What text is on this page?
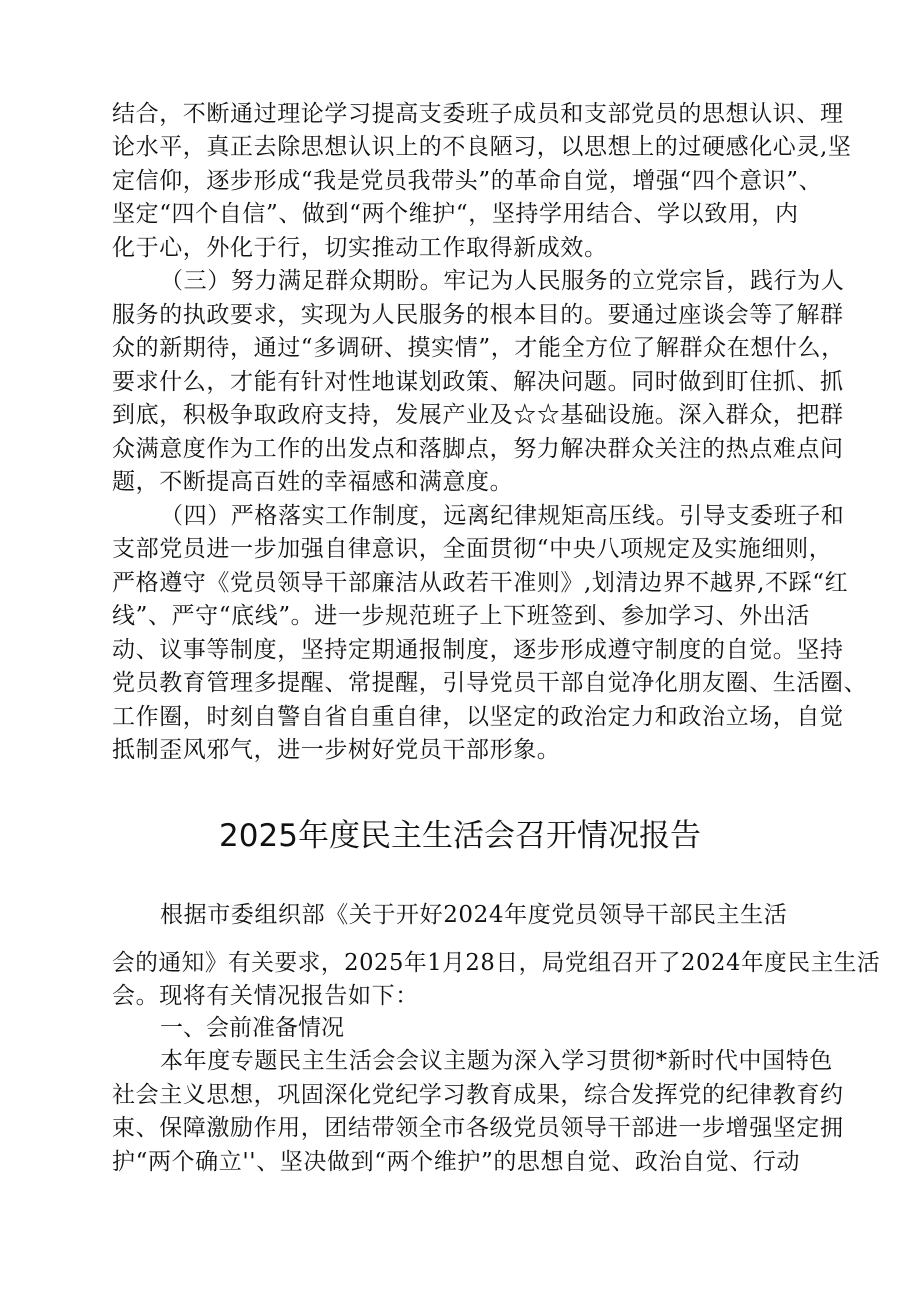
结合，不断通过理论学习提高支委班子成员和支部党员的思想认识、理
论水平，真正去除思想认识上的不良陋习，以思想上的过硬感化心灵,坚
定信仰，逐步形成“我是党员我带头”的革命自觉，增强“四个意识”、
坚定“四个自信”、做到“两个维护“，坚持学用结合、学以致用，内
化于心，外化于行，切实推动工作取得新成效。
（三）努力满足群众期盼。牢记为人民服务的立党宗旨，践行为人
服务的执政要求，实现为人民服务的根本目的。要通过座谈会等了解群
众的新期待，通过“多调研、摸实情”，才能全方位了解群众在想什么，
要求什么，才能有针对性地谋划政策、解决问题。同时做到盯住抓、抓
到底，积极争取政府支持，发展产业及☆☆基础设施。深入群众，把群
众满意度作为工作的出发点和落脚点，努力解决群众关注的热点难点问
题，不断提高百姓的幸福感和满意度。
（四）严格落实工作制度，远离纪律规矩高压线。引导支委班子和
支部党员进一步加强自律意识，全面贯彻“中央八项规定及实施细则，
严格遵守《党员领导干部廉洁从政若干准则》,划清边界不越界,不踩“红
线”、严守“底线”。进一步规范班子上下班签到、参加学习、外出活
动、议事等制度，坚持定期通报制度，逐步形成遵守制度的自觉。坚持
党员教育管理多提醒、常提醒，引导党员干部自觉净化朋友圈、生活圈、
工作圈，时刻自警自省自重自律，以坚定的政治定力和政治立场，自觉
抵制歪风邪气，进一步树好党员干部形象。
2025年度民主生活会召开情况报告
根据市委组织部《关于开好2024年度党员领导干部民主生活
会的通知》有关要求，2025年1月28日，局党组召开了2024年度民主生活
会。现将有关情况报告如下：
一、会前准备情况
本年度专题民主生活会会议主题为深入学习贯彻*新时代中国特色
社会主义思想，巩固深化党纪学习教育成果，综合发挥党的纪律教育约
束、保障激励作用，团结带领全市各级党员领导干部进一步增强坚定拥
护“两个确立''、坚决做到“两个维护”的思想自觉、政治自觉、行动
